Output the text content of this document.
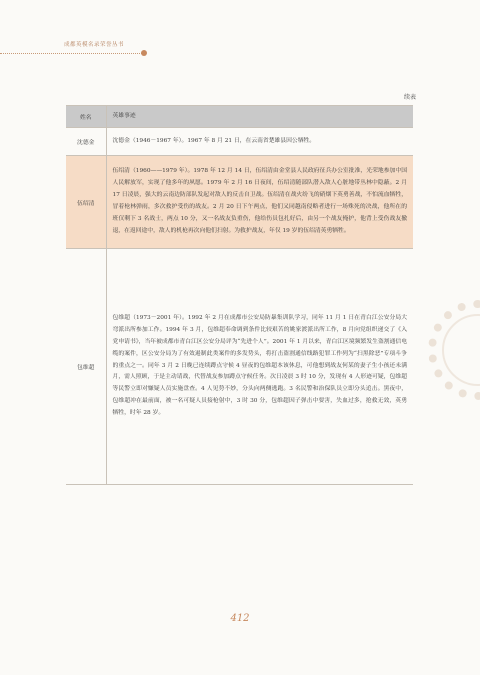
成都英模名录荣誉丛书
续表
姓名	英雄事迹
沈德金	沈德金（1946－1967 年）。1967 年 8 月 21 日，在云南省楚雄县因公牺牲。
伍绍清	伍绍清（1960——1979 年）。1978 年 12 月 14 日，伍绍清由金堂县人民政府征兵办公室批准，光荣地参加中国人民解放军，实现了他多年的夙愿。1979 年 2 月 16 日夜间，伍绍清随部队潜入敌人心脏地带丛林中隐蔽。2 月 17 日凌晨，强大的云南边防部队发起对敌人的反击自卫战。伍绍清在战火纷飞的硝烟下英勇善战，不怕流血牺牲，冒着枪林弹雨，多次救护受伤的战友。2 月 20 日下午两点，他们又同越南侵略者进行一场殊死的决战，他所在的班仅剩下 3 名战士，两点 10 分，又一名战友负重伤，他给伤员包扎好后，由另一个战友掩护，他背上受伤战友撤退，在返回途中，敌人的机枪再次向他们扫射。为救护战友，年仅 19 岁的伍绍清英勇牺牲。
包维超	包维超（1973－2001 年）。1992 年 2 月在成都市公安局防暴集训队学习，同年 11 月 1 日在青白江公安分局大弯派出所参加工作。1994 年 3 月，包维超奉命调到条件比较艰苦的姚家渡派出所工作，8 月向党组织递交了《入党申请书》，当年被成都市青白江区公安分局评为“先进个人”。2001 年 1 月以来，青白江区境频繁发生盗割通信电缆的案件，区公安分局为了有效遏制此类案件的多发势头，将打击盗割通信线路犯罪工作列为“扫黑除恶”专项斗争的重点之一。同年 3 月 2 日晚已连续蹲点守候 4 昼夜的包维超本该休息，可他想到战友何某的妻子生小孩还未满月，需人照顾，于是主动请战，代替战友参加蹲点守候任务。次日凌晨 3 时 10 分，发现有 4 人形迹可疑，包维超等民警立即对嫌疑人员实施盘查。4 人见势不妙，分头向两侧逃跑。3 名民警和治保队员立即分头追击。黑夜中，包维超冲在最前面，被一名可疑人员接枪射中，3 时 30 分，包维超因子弹击中要害，失血过多，抢救无效，英勇牺牲，时年 28 岁。
412
